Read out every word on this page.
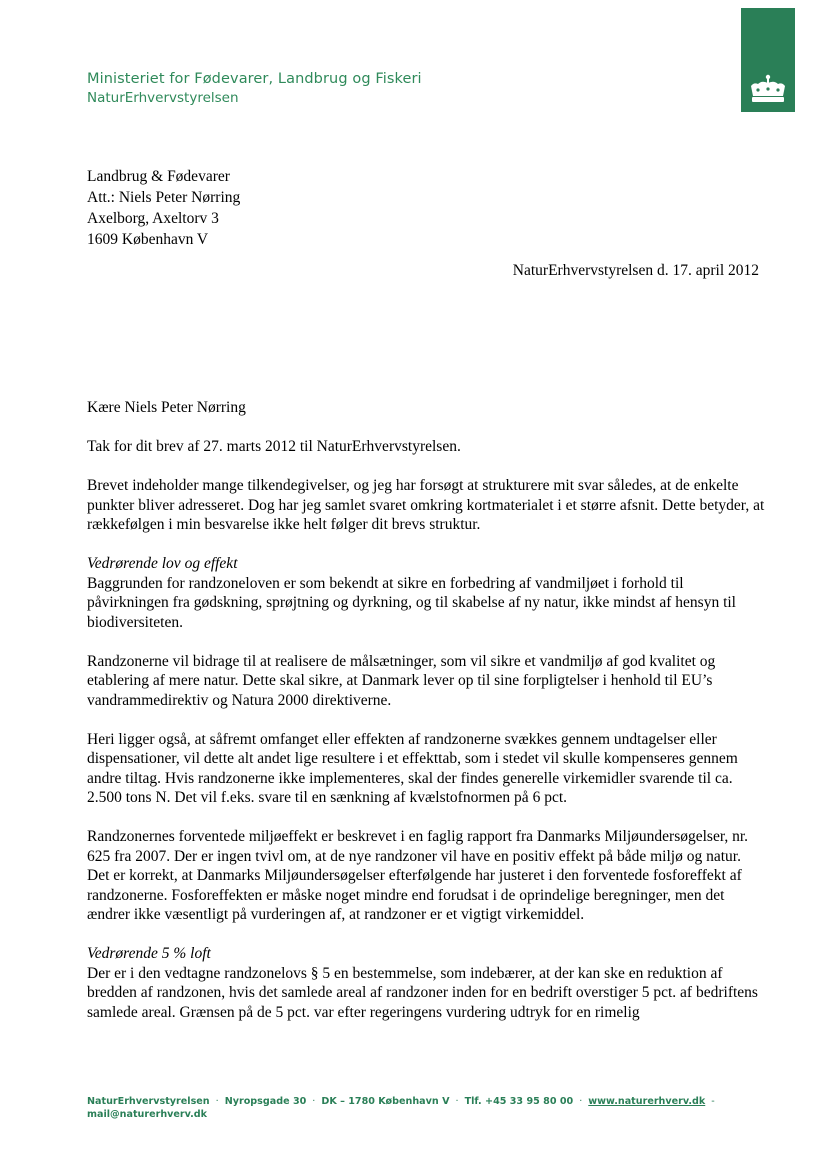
Ministeriet for Fødevarer, Landbrug og Fiskeri
NaturErhvervstyrelsen
Landbrug & Fødevarer
Att.: Niels Peter Nørring
Axelborg, Axeltorv 3
1609 København V
NaturErhvervstyrelsen d. 17. april 2012

Kære Niels Peter Nørring

Tak for dit brev af 27. marts 2012 til NaturErhvervstyrelsen.

Brevet indeholder mange tilkendegivelser, og jeg har forsøgt at strukturere mit svar således, at de enkelte punkter bliver adresseret. Dog har jeg samlet svaret omkring kortmaterialet i et større afsnit. Dette betyder, at rækkefølgen i min besvarelse ikke helt følger dit brevs struktur.

Vedrørende lov og effekt

Baggrunden for randzoneloven er som bekendt at sikre en forbedring af vandmiljøet i forhold til påvirkningen fra gødskning, sprøjtning og dyrkning, og til skabelse af ny natur, ikke mindst af hensyn til biodiversiteten.

Randzonerne vil bidrage til at realisere de målsætninger, som vil sikre et vandmiljø af god kvalitet og etablering af mere natur. Dette skal sikre, at Danmark lever op til sine forpligtelser i henhold til EU’s vandrammedirektiv og Natura 2000 direktiverne.

Heri ligger også, at såfremt omfanget eller effekten af randzonerne svækkes gennem undtagelser eller dispensationer, vil dette alt andet lige resultere i et effekttab, som i stedet vil skulle kompenseres gennem andre tiltag. Hvis randzonerne ikke implementeres, skal der findes generelle virkemidler svarende til ca. 2.500 tons N. Det vil f.eks. svare til en sænkning af kvælstofnormen på 6 pct.

Randzonernes forventede miljøeffekt er beskrevet i en faglig rapport fra Danmarks Miljøundersøgelser, nr. 625 fra 2007. Der er ingen tvivl om, at de nye randzoner vil have en positiv effekt på både miljø og natur. Det er korrekt, at Danmarks Miljøundersøgelser efterfølgende har justeret i den forventede fosforeffekt af randzonerne. Fosforeffekten er måske noget mindre end forudsat i de oprindelige beregninger, men det ændrer ikke væsentligt på vurderingen af, at randzoner er et vigtigt virkemiddel.

Vedrørende 5 % loft

Der er i den vedtagne randzonelovs § 5 en bestemmelse, som indebærer, at der kan ske en reduktion af bredden af randzonen, hvis det samlede areal af randzoner inden for en bedrift overstiger 5 pct. af bedriftens samlede areal. Grænsen på de 5 pct. var efter regeringens vurdering udtryk for en rimelig

NaturErhvervstyrelsen · Nyropsgade 30 · DK – 1780 København V · Tlf. +45 33 95 80 00 · www.naturerhverv.dk -
mail@naturerhverv.dk
